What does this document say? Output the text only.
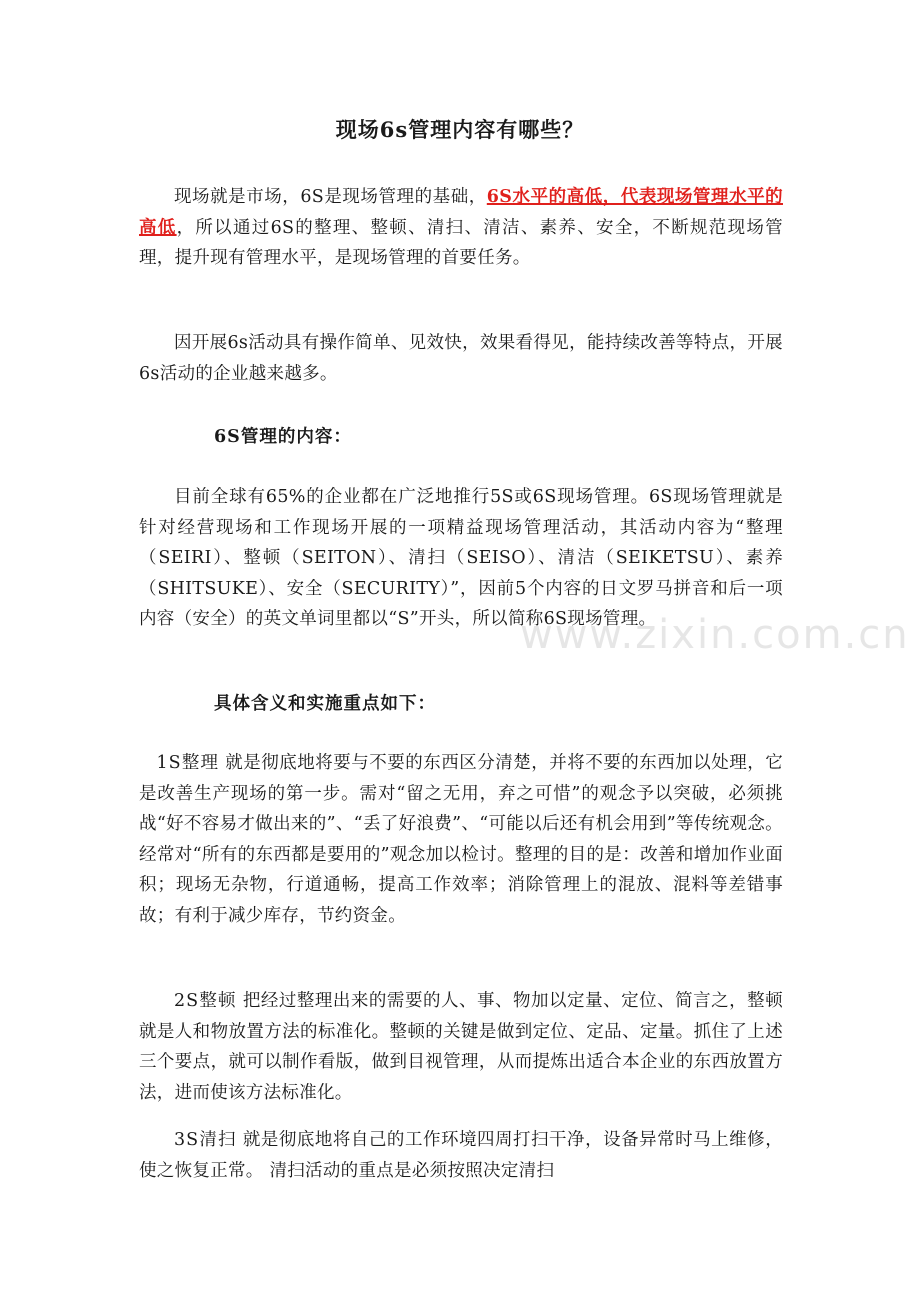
现场6s管理内容有哪些？

现场就是市场，6S是现场管理的基础，6S水平的高低，代表现场管理水平的高低，所以通过6S的整理、整顿、清扫、清洁、素养、安全，不断规范现场管理，提升现有管理水平，是现场管理的首要任务。

因开展6s活动具有操作简单、见效快，效果看得见，能持续改善等特点，开展6s活动的企业越来越多。

6S管理的内容：

目前全球有65%的企业都在广泛地推行5S或6S现场管理。6S现场管理就是针对经营现场和工作现场开展的一项精益现场管理活动，其活动内容为“整理（SEIRI）、整顿（SEITON）、清扫（SEISO）、清洁（SEIKETSU）、素养（SHITSUKE）、安全（SECURITY）”，因前5个内容的日文罗马拼音和后一项内容（安全）的英文单词里都以“S”开头，所以简称6S现场管理。

具体含义和实施重点如下：

1S整理 就是彻底地将要与不要的东西区分清楚，并将不要的东西加以处理，它是改善生产现场的第一步。需对“留之无用，弃之可惜”的观念予以突破，必须挑战“好不容易才做出来的”、“丢了好浪费”、“可能以后还有机会用到”等传统观念。经常对“所有的东西都是要用的”观念加以检讨。整理的目的是：改善和增加作业面积；现场无杂物，行道通畅，提高工作效率；消除管理上的混放、混料等差错事故；有利于减少库存，节约资金。

2S整顿 把经过整理出来的需要的人、事、物加以定量、定位、简言之，整顿就是人和物放置方法的标准化。整顿的关键是做到定位、定品、定量。抓住了上述三个要点，就可以制作看版，做到目视管理，从而提炼出适合本企业的东西放置方法，进而使该方法标准化。

3S清扫 就是彻底地将自己的工作环境四周打扫干净，设备异常时马上维修，使之恢复正常。 清扫活动的重点是必须按照决定清扫

www.zixin.com.cn
